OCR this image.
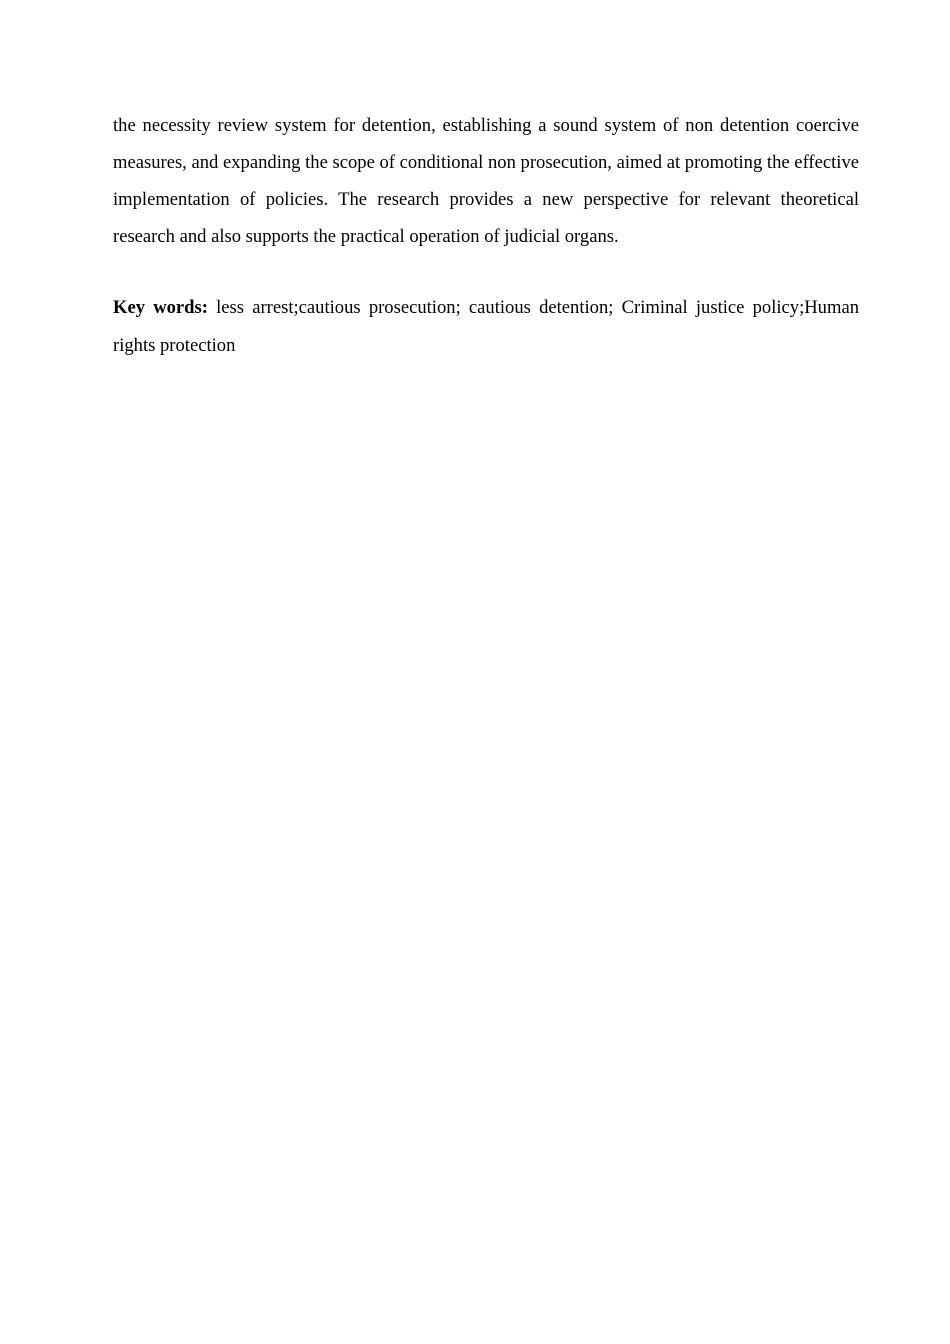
the necessity review system for detention, establishing a sound system of non detention coercive measures, and expanding the scope of conditional non prosecution, aimed at promoting the effective implementation of policies. The research provides a new perspective for relevant theoretical research and also supports the practical operation of judicial organs.

Key words: less arrest;cautious prosecution; cautious detention; Criminal justice policy;Human rights protection
